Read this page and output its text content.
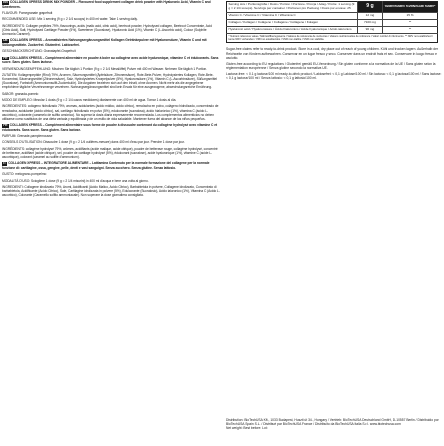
EN COLLAGEN XPRESS DRINK MIX POWDER – Flavoured food supplement collagen drink powder with Hyaluronic Acid, Vitamin C and Sweeteners.

FLAVOUR: Pomegranate grapefruit

RECOMMENDED USE: Mix 1 serving (9 g = 2 1/4 scoops) in 400 ml water. Take 1 serving daily.

INGREDIENTS: Collagen peptides 79%, flavourings, acids (malic acid, citric acid), beetroot powder, Hydrolysed collagen, Beetroot Concentrate, Acid (Citric Acid), Salt, Hydrolysed Cartilage Powder (5%), Sweetener (Sucralose), Hyaluronic Acid (1%), Vitamin C (L-Ascorbic acid), Colour (Sulphite Ammonia Caramel).

DE COLLAGEN XPRESS – Aromatisiertes Nahrungsergänzungsmittel Kollagen Getränkepulver mit Hyaluronsäure, Vitamin C und mit Süßungsmitteln. Zuckerfrei. Glutenfrei. Laktosefrei.

GESCHMACKSRICHTUNG: Granatapfel-Grapefruit

FR COLLAGEN XPRESS – Complément alimentaire en poudre à boire au collagène avec acide hyaluronique, vitamine C et édulcorants. Sans sucre. Sans gluten. Sans lactose.

VERWENDUNGSEMPFEHLUNG: Mischen Sie täglich 1 Portion (9 g = 2 1/4 Messlöffel) Pulver mit 400 ml Wasser. Nehmen Sie täglich 1 Portion.

ZUTATEN: Kollagenpeptide (Rind) 79%, Aromen, Säuerungsmittel (Äpfelsäure, Zitronensäure), Rote-Bete-Pulver, Hydrolysiertes Kollagen, Rote-Bete-Konzentrat, Säuerungsmittel (Zitronensäure), Salz, Hydrolysiertes Knorpelpulver (5%), Hyaluronsäure (1%), Vitamin C (L-Ascorbinsäure), Süßungsmittel (Sucralose), Farbstoff (Ammoniumsulfit-Zuckerkulör). Die Angaben beziehen sich auf den Inhalt, ohne Aromen. Nicht mehr als die angegebene empfohlene tägliche Verzehrsmenge verzehren. Nahrungsergänzungsmittel sind kein Ersatz für eine ausgewogene, abwechslungsreiche Ernährung.

SABOR: granada-pomelo

MODO DE EMPLEO: Mezclar 1 dosis (9 g = 2 1/4 cazos medidores) diariamente con 400 ml de agua. Tomar 1 dosis al día.

INGREDIENTES: colágeno hidrolizado 79%, aromas, acidulantes (ácido málico, ácido cítrico), remolacha en polvo, colágeno hidrolizado, concentrado de remolacha, acidulante (ácido cítrico), sal, cartílago hidrolizado en polvo (5%), edulcorante (sucralosa), ácido hialurónico (1%), vitamina C (ácido L-ascórbico), colorante (caramelo de sulfito amónico). No superar la dosis diaria expresamente recomendada. Los complementos alimenticios no deben utilizarse como sustitutos de una dieta variada y equilibrada y de un estilo de vida saludable. Mantener fuera del alcance de los niños pequeños.

FR COLLAGEN XPRESS – Complément alimentaire sous forme de poudre à dissoudre contenant du collagène hydrolysé avec vitamine C et édulcorants. Sans sucre. Sans gluten. Sans lactose.

PARFUM: Grenade-pamplemousse

CONSEILS D'UTILISATION: Dissoudre 1 dose (9 g = 2 1/4 cuillères-mesure) dans 400 ml d'eau par jour. Prendre 1 dose par jour.

INGRÉDIENTS: collagène hydrolysé 79%, arômes, acidifiants (acide malique, acide citrique), poudre de betterave rouge, collagène hydrolysé, concentré de betterave, acidifiant (acide citrique), sel, poudre de cartilage hydrolysé (5%), édulcorant (sucralose), acide hyaluronique (1%), vitamine C (acide L-ascorbique), colorant (caramel au sulfite d'ammonium).

IT COLLAGEN XPRESS – INTEGRATORE ALIMENTARE – Lattiamina Contenuto per la normale formazione del collagene per la normale funzione di: cartilagine, ossa, gengive, pelle, denti e vasi sanguigni. Senza zucchero. Senza glutine. Senza lattosio.

GUSTO: melograno-pompelmo

MODALITÀ D'USO: Sciogliere 1 dose (9 g = 2 1/4 misurini) in 400 ml d'acqua e bere una volta al giorno.

INGREDIENTI: Collagene idrolizzato 79%, Aromi, Acidificanti (Acido Malico, Acido Citrico), Barbabietola in polvere, Collagene idrolizzato, Concentrato di barbabietola, Acidificante (Acido Citrico), Sale, Cartilagine idrolizzata in polvere (5%), Edulcorante (Sucralosio), Acido ialuronico (1%), Vitamina C (Acido L-ascorbico), Colorante (Caramello solfito ammoniacale). Non superare la dose giornaliera consigliata.

Serving size / Portionsgröße / Dosis / Portion / Porzione / Porcja / Adag / Portie: 1 serving (9 g = 2 1/4 scoops). Servings per container / Portionen pro Packung / Dosis por envase: 25	9 g	%NRV/%NRV/ %VRN/%AR/ %NRV*
Vitamin C / Vitamine C / Vitamina C / Witamina C	12 mg	15 %
Collagen / Kollagen / Colágeno / Collagène / Collagene / Kolagen	7100 mg	**
Hyaluronic acid / Hyaluronsäure / Ácido hialurónico / Acide hyaluronique / Acido ialuronico	90 mg	**
* Nutrient reference value / Nährstoffbezugswerte / Valores de referencia de nutrientes / Valeurs nutritionnelles de référence / Valori nutritivi di riferimento. ** NRV not established / keine NRV vorhanden / VRN no establecidos / VNR non établie / VNR non stabilita.		

Sugar-free claims refer to ready-to-drink product. Store in a cool, dry place out of reach of young children. Kühl und trocken lagern. Außerhalb der Reichweite von Kindern aufbewahren. Conservar en un lugar fresco y seco. Conserver dans un endroit frais et sec. Conservare in luogo fresco e asciutto.

Gluten-free according to EU regulations / Glutenfrei gemäß EU-Verordnung / Sin gluten conforme a la normativa de la UE / Sans gluten selon la réglementation européenne / Senza glutine secondo la normativa UE.

Lactose-free: < 0.1 g lactose/100 ml ready-to-drink product / Laktosefrei: < 0,1 g Laktose/100 ml / Sin lactosa: < 0,1 g lactosa/100 ml / Sans lactose: < 0,1 g lactose/100 ml / Senza lattosio: < 0,1 g lattosio/100 ml.

Distribution: BioTechUSA Kft., 1033 Budapest, Huszti út 34., Hungary / Vertrieb: BioTechUSA Deutschland GmbH, D-10557 Berlin / Distribuido por BioTechUSA Spain S.L. / Distribué par BioTechUSA France / Distribuito da BioTechUSA Italia S.r.l. www.biotechusa.com
Net weight: Best before: Lot:
